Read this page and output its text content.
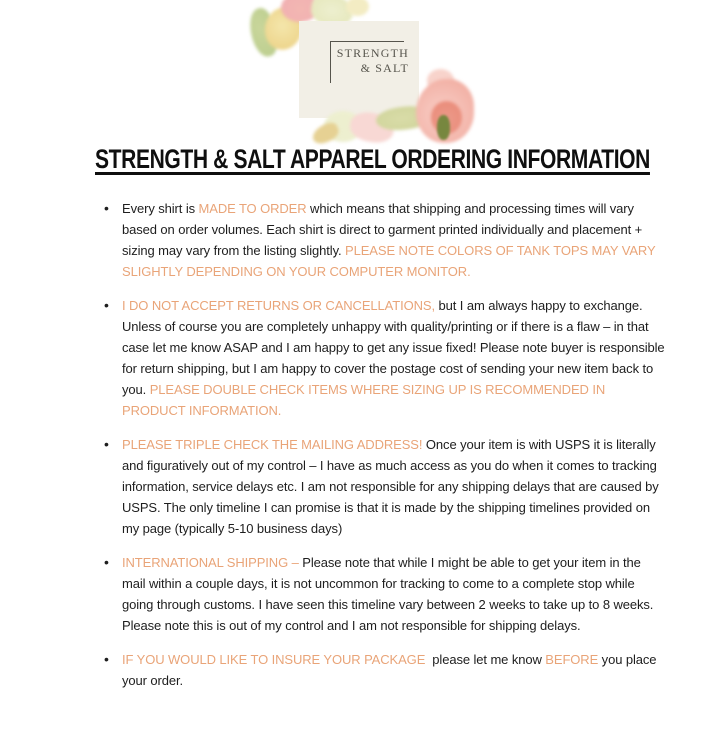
STRENGTH
& SALT
STRENGTH & SALT APPAREL ORDERING INFORMATION
• Every shirt is MADE TO ORDER which means that shipping and processing times will vary based on order volumes. Each shirt is direct to garment printed individually and placement + sizing may vary from the listing slightly. PLEASE NOTE COLORS OF TANK TOPS MAY VARY SLIGHTLY DEPENDING ON YOUR COMPUTER MONITOR.
• I DO NOT ACCEPT RETURNS OR CANCELLATIONS, but I am always happy to exchange. Unless of course you are completely unhappy with quality/printing or if there is a flaw – in that case let me know ASAP and I am happy to get any issue fixed! Please note buyer is responsible for return shipping, but I am happy to cover the postage cost of sending your new item back to you. PLEASE DOUBLE CHECK ITEMS WHERE SIZING UP IS RECOMMENDED IN PRODUCT INFORMATION.
• PLEASE TRIPLE CHECK THE MAILING ADDRESS! Once your item is with USPS it is literally and figuratively out of my control – I have as much access as you do when it comes to tracking information, service delays etc. I am not responsible for any shipping delays that are caused by USPS. The only timeline I can promise is that it is made by the shipping timelines provided on my page (typically 5-10 business days)
• INTERNATIONAL SHIPPING – Please note that while I might be able to get your item in the mail within a couple days, it is not uncommon for tracking to come to a complete stop while going through customs. I have seen this timeline vary between 2 weeks to take up to 8 weeks. Please note this is out of my control and I am not responsible for shipping delays.
• IF YOU WOULD LIKE TO INSURE YOUR PACKAGE  please let me know BEFORE you place your order.
